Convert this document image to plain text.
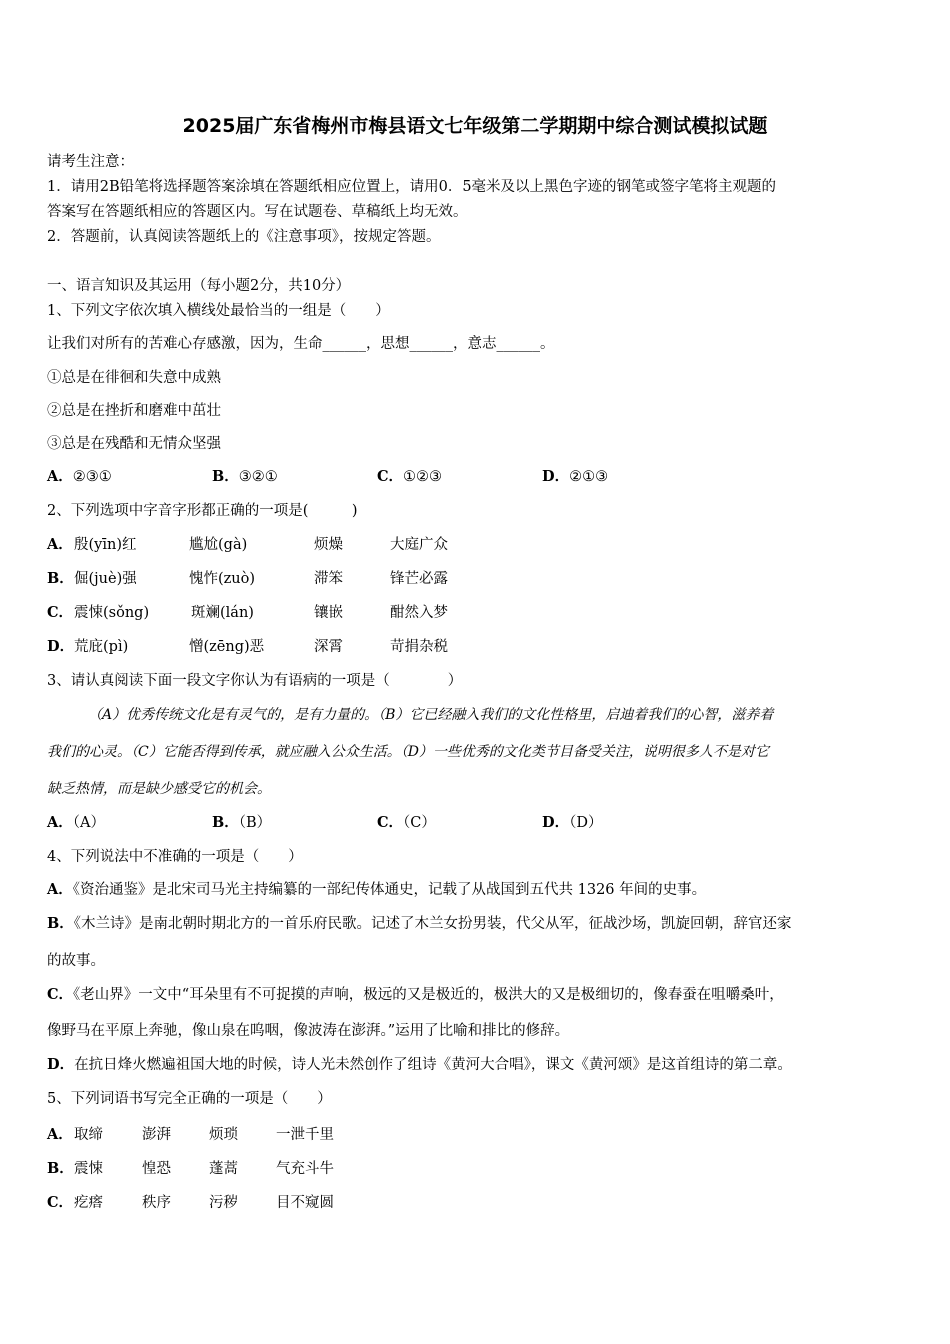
2025届广东省梅州市梅县语文七年级第二学期期中综合测试模拟试题
请考生注意：
1．请用2B铅笔将选择题答案涂填在答题纸相应位置上，请用0．5毫米及以上黑色字迹的钢笔或签字笔将主观题的
答案写在答题纸相应的答题区内。写在试题卷、草稿纸上均无效。
2．答题前，认真阅读答题纸上的《注意事项》，按规定答题。
一、语言知识及其运用（每小题2分，共10分）
1、下列文字依次填入横线处最恰当的一组是（　　）
让我们对所有的苦难心存感激，因为，生命______，思想______，意志______。
①总是在徘徊和失意中成熟
②总是在挫折和磨难中茁壮
③总是在残酷和无情众坚强
A．②③①	B．③②①	C．①②③	D．②①③
2、下列选项中字音字形都正确的一项是(　　　)
A． 殷(yīn)红	尴尬(gà)	烦燥	大庭广众
B． 倔(juè)强	愧怍(zuò)	滞笨	锋芒必露
C． 震悚(sǒng)	斑斓(lán)	镶嵌	酣然入梦
D． 荒庇(pì)	憎(zēng)恶	深霄	苛捐杂税
3、请认真阅读下面一段文字你认为有语病的一项是（　　　　）
（A）优秀传统文化是有灵气的，是有力量的。（B）它已经融入我们的文化性格里，启迪着我们的心智，滋养着
我们的心灵。（C）它能否得到传承，就应融入公众生活。（D）一些优秀的文化类节目备受关注，说明很多人不是对它
缺乏热情，而是缺少感受它的机会。
A．（A）	B．（B）	C．（C）	D．（D）
4、下列说法中不准确的一项是（　　）
A．《资治通鉴》是北宋司马光主持编纂的一部纪传体通史，记载了从战国到五代共 1326 年间的史事。
B．《木兰诗》是南北朝时期北方的一首乐府民歌。记述了木兰女扮男装，代父从军，征战沙场，凯旋回朝，辞官还家
的故事。
C．《老山界》一文中“耳朵里有不可捉摸的声响，极远的又是极近的，极洪大的又是极细切的，像春蚕在咀嚼桑叶，
像野马在平原上奔驰，像山泉在呜咽，像波涛在澎湃。”运用了比喻和排比的修辞。
D．在抗日烽火燃遍祖国大地的时候，诗人光未然创作了组诗《黄河大合唱》，课文《黄河颂》是这首组诗的第二章。
5、下列词语书写完全正确的一项是（　　）
A． 取缔	澎湃	烦琐	一泄千里
B． 震悚	惶恐	蓬蒿	气充斗牛
C． 疙瘩	秩序	污秽	目不窥圆
